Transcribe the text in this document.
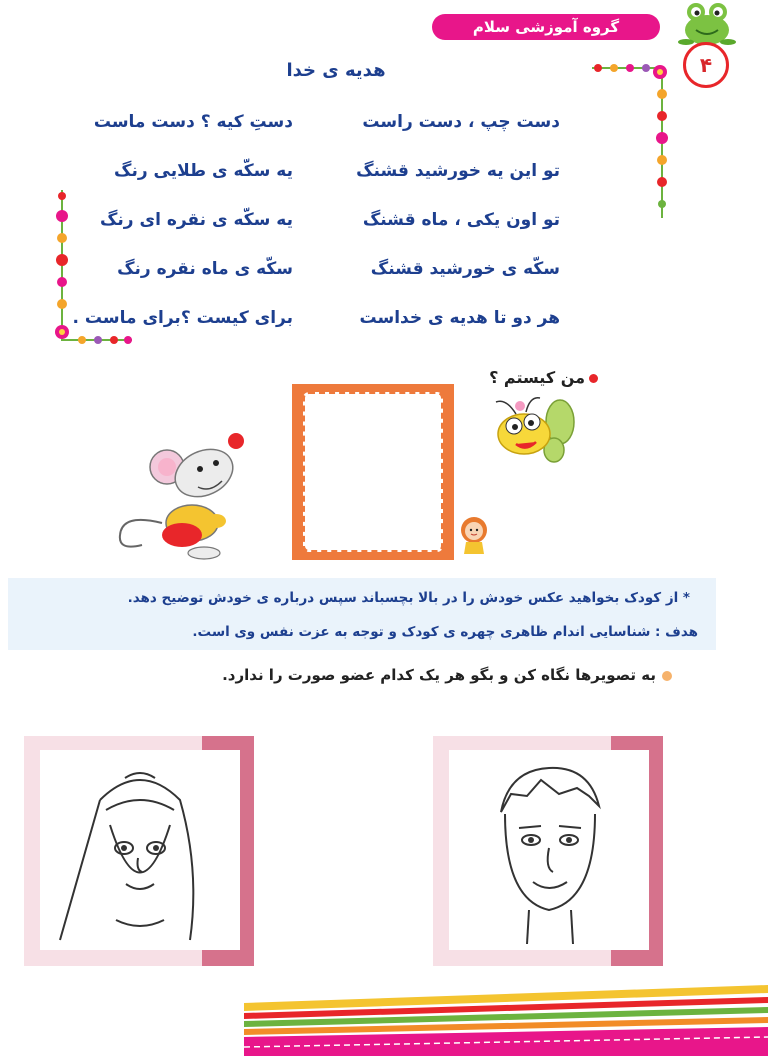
گروه آموزشی سلام
۴
هدیه ی خدا
دست چپ ، دست راست
دستِ کیه ؟ دست ماست
تو این یه خورشید قشنگ
یه سکّه ی طلایی رنگ
تو اون یکی ، ماه قشنگ
یه سکّه ی نقره ای رنگ
سکّه ی خورشید قشنگ
سکّه ی ماه نقره رنگ
هر دو تا هدیه ی خداست
برای کیست ؟برای ماست .
من کیستم ؟
* از کودک بخواهید عکس خودش را در بالا بچسباند سپس درباره ی خودش توضیح دهد.
هدف : شناسایی اندام ظاهری چهره ی کودک و توجه به عزت نفس وی است.
به تصویرها نگاه کن و بگو هر یک کدام عضو صورت را ندارد.
